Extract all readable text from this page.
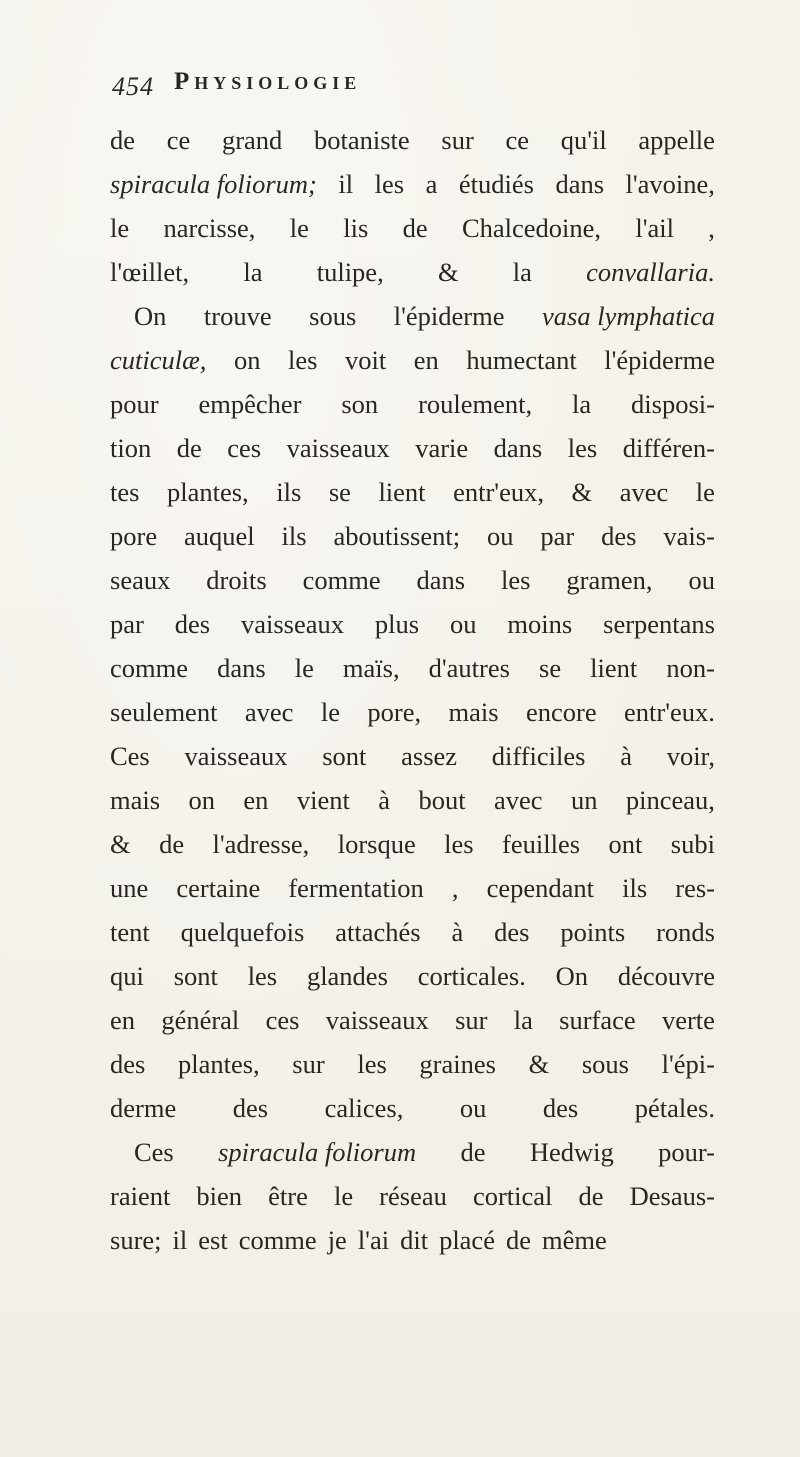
454 Physiologie
de ce grand botaniste sur ce qu'il appelle
spiracula foliorum; il les a étudiés dans l'avoine,
le narcisse, le lis de Chalcedoine, l'ail ,
l'œillet, la tulipe, & la convallaria.
On trouve sous l'épiderme vasa lymphatica
cuticulæ, on les voit en humectant l'épiderme
pour empêcher son roulement, la disposi-
tion de ces vaisseaux varie dans les différen-
tes plantes, ils se lient entr'eux, & avec le
pore auquel ils aboutissent; ou par des vais-
seaux droits comme dans les gramen, ou
par des vaisseaux plus ou moins serpentans
comme dans le maïs, d'autres se lient non-
seulement avec le pore, mais encore entr'eux.
Ces vaisseaux sont assez difficiles à voir,
mais on en vient à bout avec un pinceau,
& de l'adresse, lorsque les feuilles ont subi
une certaine fermentation , cependant ils res-
tent quelquefois attachés à des points ronds
qui sont les glandes corticales. On découvre
en général ces vaisseaux sur la surface verte
des plantes, sur les graines & sous l'épi-
derme des calices, ou des pétales.
Ces spiracula foliorum de Hedwig pour-
raient bien être le réseau cortical de Desaus-
sure; il est comme je l'ai dit placé de même
